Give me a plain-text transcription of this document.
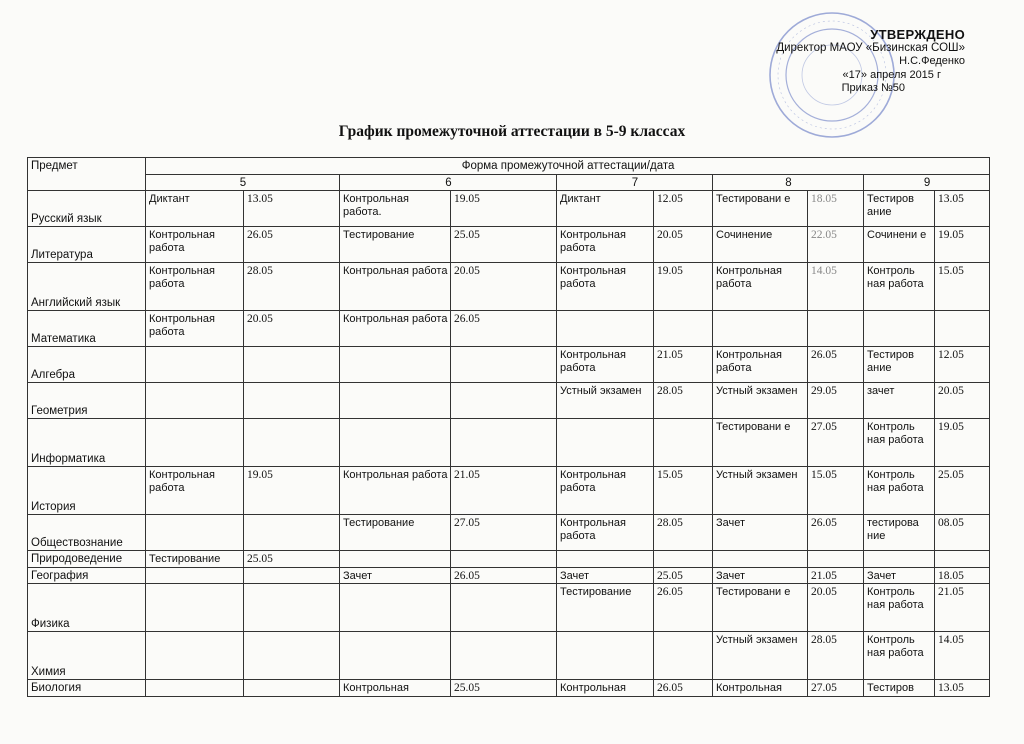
УТВЕРЖДЕНО
Директор МАОУ «Бизинская СОШ»
Н.С.Феденко
«17» апреля 2015 г
Приказ №50
График промежуточной аттестации в 5-9 классах
Предмет	Форма промежуточной аттестации/дата									
	5		6		7		8		9	
Русский язык	Диктант	13.05	Контрольная работа.	19.05	Диктант	12.05	Тестировани е	18.05	Тестиров ание	13.05
Литература	Контрольная работа	26.05	Тестирование	25.05	Контрольная работа	20.05	Сочинение	22.05	Сочинени е	19.05
Английский язык	Контрольная работа	28.05	Контрольная работа	20.05	Контрольная работа	19.05	Контрольная работа	14.05	Контроль ная работа	15.05
Математика	Контрольная работа	20.05	Контрольная работа	26.05						
Алгебра					Контрольная работа	21.05	Контрольная работа	26.05	Тестиров ание	12.05
Геометрия					Устный экзамен	28.05	Устный экзамен	29.05	зачет	20.05
Информатика							Тестировани е	27.05	Контроль ная работа	19.05
История	Контрольная работа	19.05	Контрольная работа	21.05	Контрольная работа	15.05	Устный экзамен	15.05	Контроль ная работа	25.05
Обществознание			Тестирование	27.05	Контрольная работа	28.05	Зачет	26.05	тестирова ние	08.05
Природоведение	Тестирование	25.05								
География			Зачет	26.05	Зачет	25.05	Зачет	21.05	Зачет	18.05
Физика					Тестирование	26.05	Тестировани е	20.05	Контроль ная работа	21.05
Химия							Устный экзамен	28.05	Контроль ная работа	14.05
Биология			Контрольная	25.05	Контрольная	26.05	Контрольная	27.05	Тестиров	13.05
